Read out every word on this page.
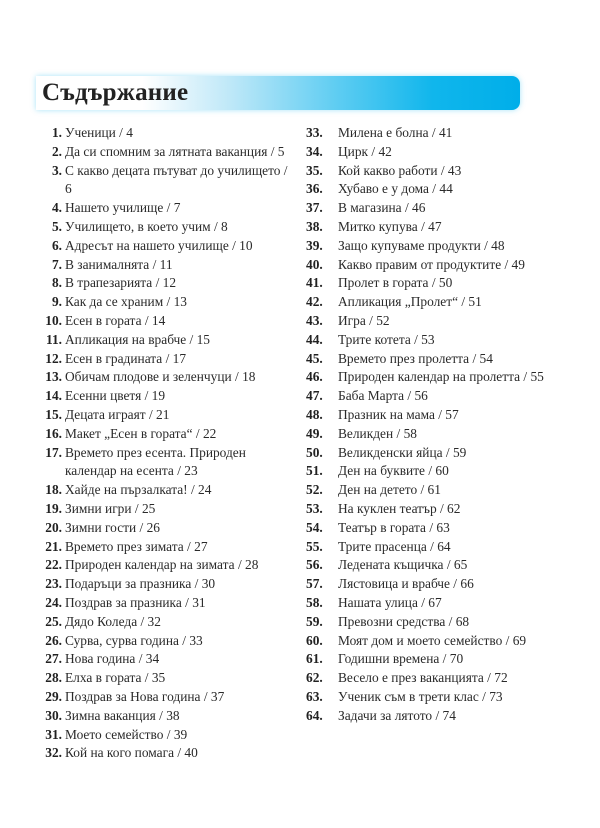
Съдържание
1. Ученици / 4
2. Да си спомним за лятната ваканция / 5
3. С какво децата пътуват до училището / 6
4. Нашето училище / 7
5. Училището, в което учим / 8
6. Адресът на нашето училище / 10
7. В занималнята / 11
8. В трапезарията / 12
9. Как да се храним / 13
10. Есен в гората / 14
11. Апликация на врабче / 15
12. Есен в градината / 17
13. Обичам плодове и зеленчуци / 18
14. Есенни цветя / 19
15. Децата играят / 21
16. Макет „Есен в гората“ / 22
17. Времето през есента. Природен календар на есента / 23
18. Хайде на пързалката! / 24
19. Зимни игри / 25
20. Зимни гости / 26
21. Времето през зимата / 27
22. Природен календар на зимата / 28
23. Подаръци за празника / 30
24. Поздрав за празника / 31
25. Дядо Коледа / 32
26. Сурва, сурва година / 33
27. Нова година / 34
28. Елха в гората / 35
29. Поздрав за Нова година / 37
30. Зимна ваканция / 38
31. Моето семейство / 39
32. Кой на кого помага / 40
33.	Милена е болна / 41
34.	Цирк / 42
35.	Кой какво работи / 43
36.	Хубаво е у дома / 44
37.	В магазина / 46
38.	Митко купува / 47
39.	Защо купуваме продукти / 48
40.	Какво правим от продуктите / 49
41.	Пролет в гората / 50
42.	Апликация „Пролет“ / 51
43.	Игра / 52
44.	Трите котета / 53
45.	Времето през пролетта / 54
46.	Природен календар на пролетта / 55
47.	Баба Марта / 56
48.	Празник на мама / 57
49.	Великден / 58
50.	Великденски яйца / 59
51.	Ден на буквите / 60
52.	Ден на детето / 61
53.	На куклен театър / 62
54.	Театър в гората / 63
55.	Трите прасенца / 64
56.	Ледената къщичка / 65
57.	Лястовица и врабче / 66
58.	Нашата улица / 67
59.	Превозни средства / 68
60.	Моят дом и моето семейство / 69
61.	Годишни времена / 70
62.	Весело е през ваканцията / 72
63.	Ученик съм в трети клас / 73
64.	Задачи за лятото / 74
